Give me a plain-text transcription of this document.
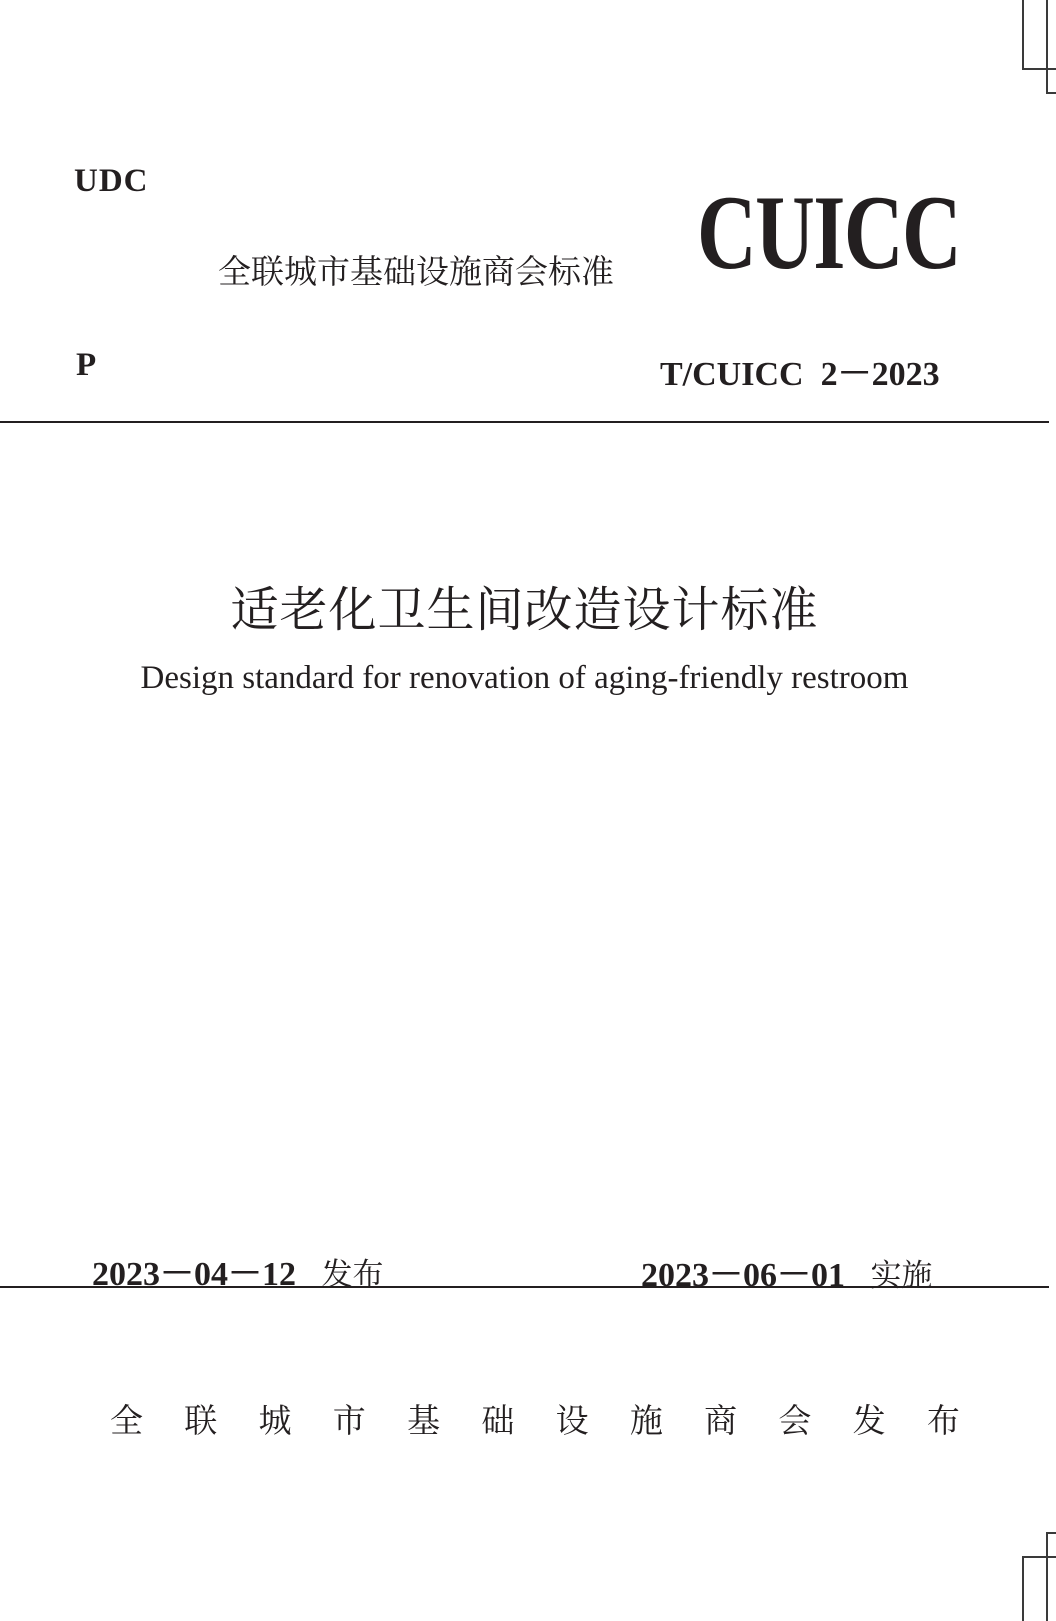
UDC
全联城市基础设施商会标准 CUICC
P	T/CUICC  2－2023
适老化卫生间改造设计标准
Design standard for renovation of aging-friendly restroom

2023－04－12 发布	2023－06－01 实施

全 联 城 市 基 础 设 施 商 会 发 布
